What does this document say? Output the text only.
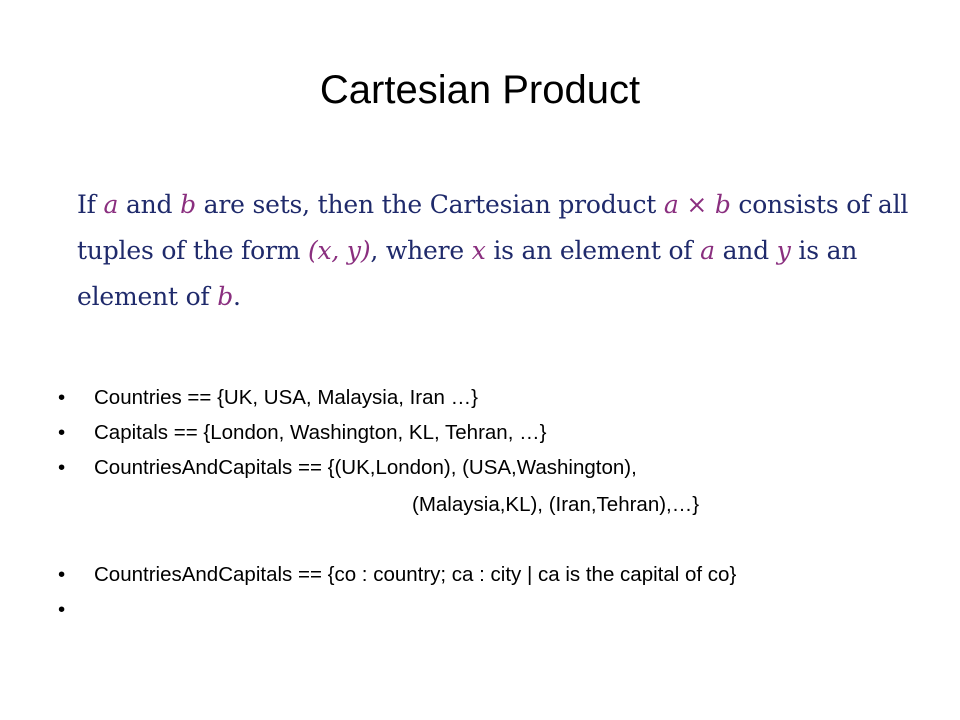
Cartesian Product
If a and b are sets, then the Cartesian product a × b consists of all
tuples of the form (x, y), where x is an element of a and y is an
element of b.
•	Countries == {UK, USA, Malaysia, Iran …}
•	Capitals == {London, Washington, KL, Tehran, …}
•	CountriesAndCapitals == {(UK,London), (USA,Washington),
(Malaysia,KL), (Iran,Tehran),…}
•	CountriesAndCapitals == {co : country; ca : city | ca is the capital of co}
•
